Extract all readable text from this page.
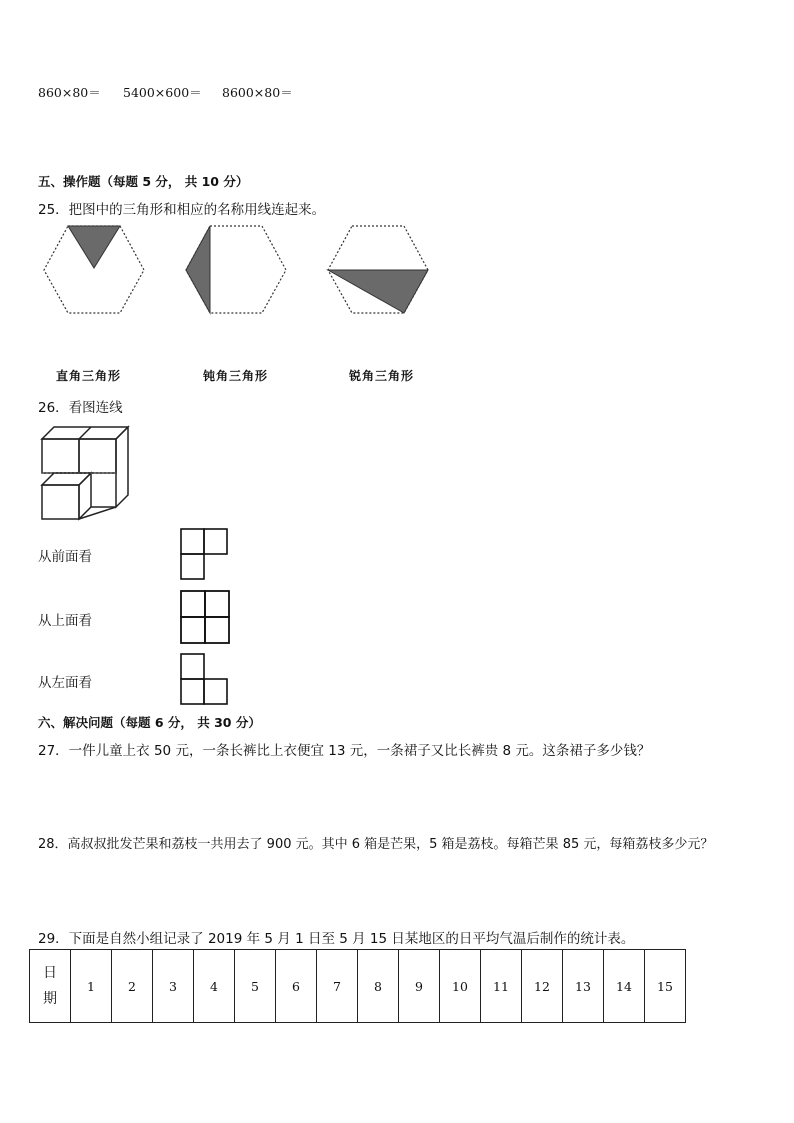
860×80＝ 5400×600＝ 8600×80＝
五、操作题（每题 5 分， 共 10 分）
25．把图中的三角形和相应的名称用线连起来。
直角三角形	钝角三角形	锐角三角形
26．看图连线
从前面看
从上面看
从左面看
六、解决问题（每题 6 分， 共 30 分）
27．一件儿童上衣 50 元，一条长裤比上衣便宜 13 元，一条裙子又比长裤贵 8 元。这条裙子多少钱？
28．高叔叔批发芒果和荔枝一共用去了 900 元。其中 6 箱是芒果，5 箱是荔枝。每箱芒果 85 元，每箱荔枝多少元？
29．下面是自然小组记录了 2019 年 5 月 1 日至 5 月 15 日某地区的日平均气温后制作的统计表。
日
期	1	2	3	4	5	6	7	8	9	10	11	12	13	14	15
